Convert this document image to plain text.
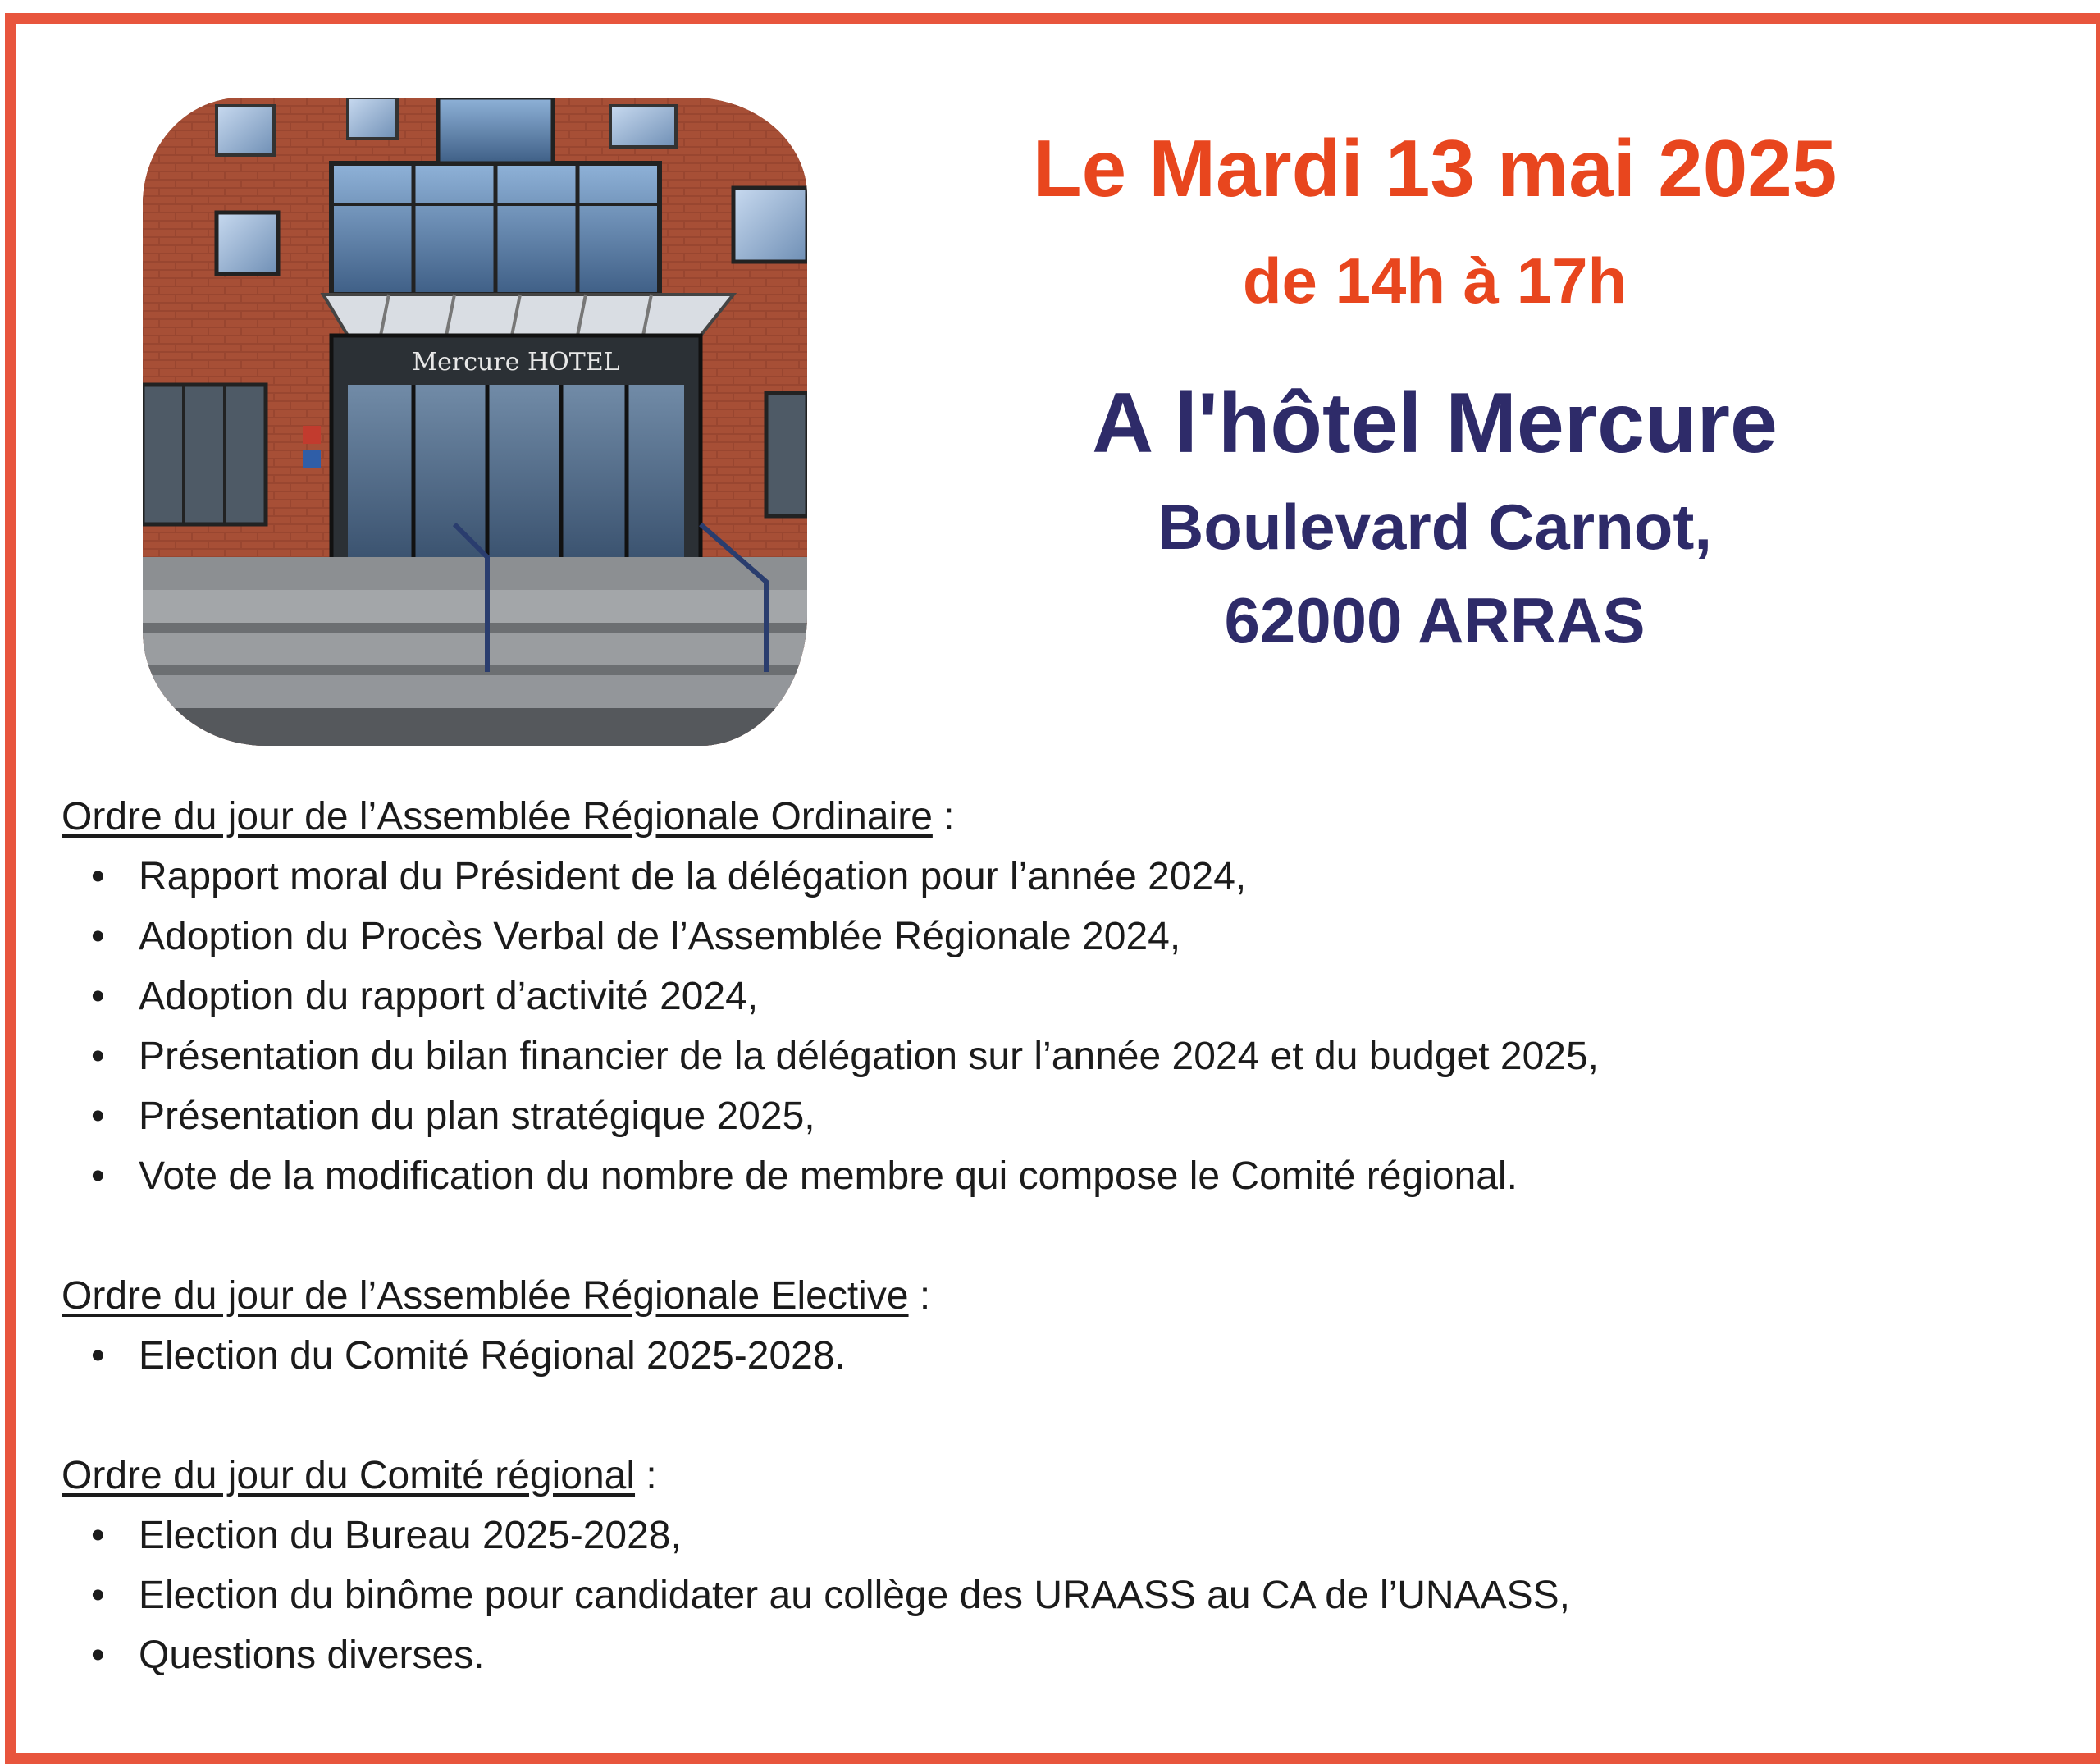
Mercure HOTEL
Le Mardi 13 mai 2025
de 14h à 17h
A l'hôtel Mercure
Boulevard Carnot,
62000 ARRAS

Ordre du jour de l’Assemblée Régionale Ordinaire :

• Rapport moral du Président de la délégation pour l’année 2024,
• Adoption du Procès Verbal de l’Assemblée Régionale 2024,
• Adoption du rapport d’activité 2024,
• Présentation du bilan financier de la délégation sur l’année 2024 et du budget 2025,
• Présentation du plan stratégique 2025,
• Vote de la modification du nombre de membre qui compose le Comité régional.

Ordre du jour de l’Assemblée Régionale Elective :

• Election du Comité Régional 2025-2028.

Ordre du jour du Comité régional :

• Election du Bureau 2025-2028,
• Election du binôme pour candidater au collège des URAASS au CA de l’UNAASS,
• Questions diverses.
